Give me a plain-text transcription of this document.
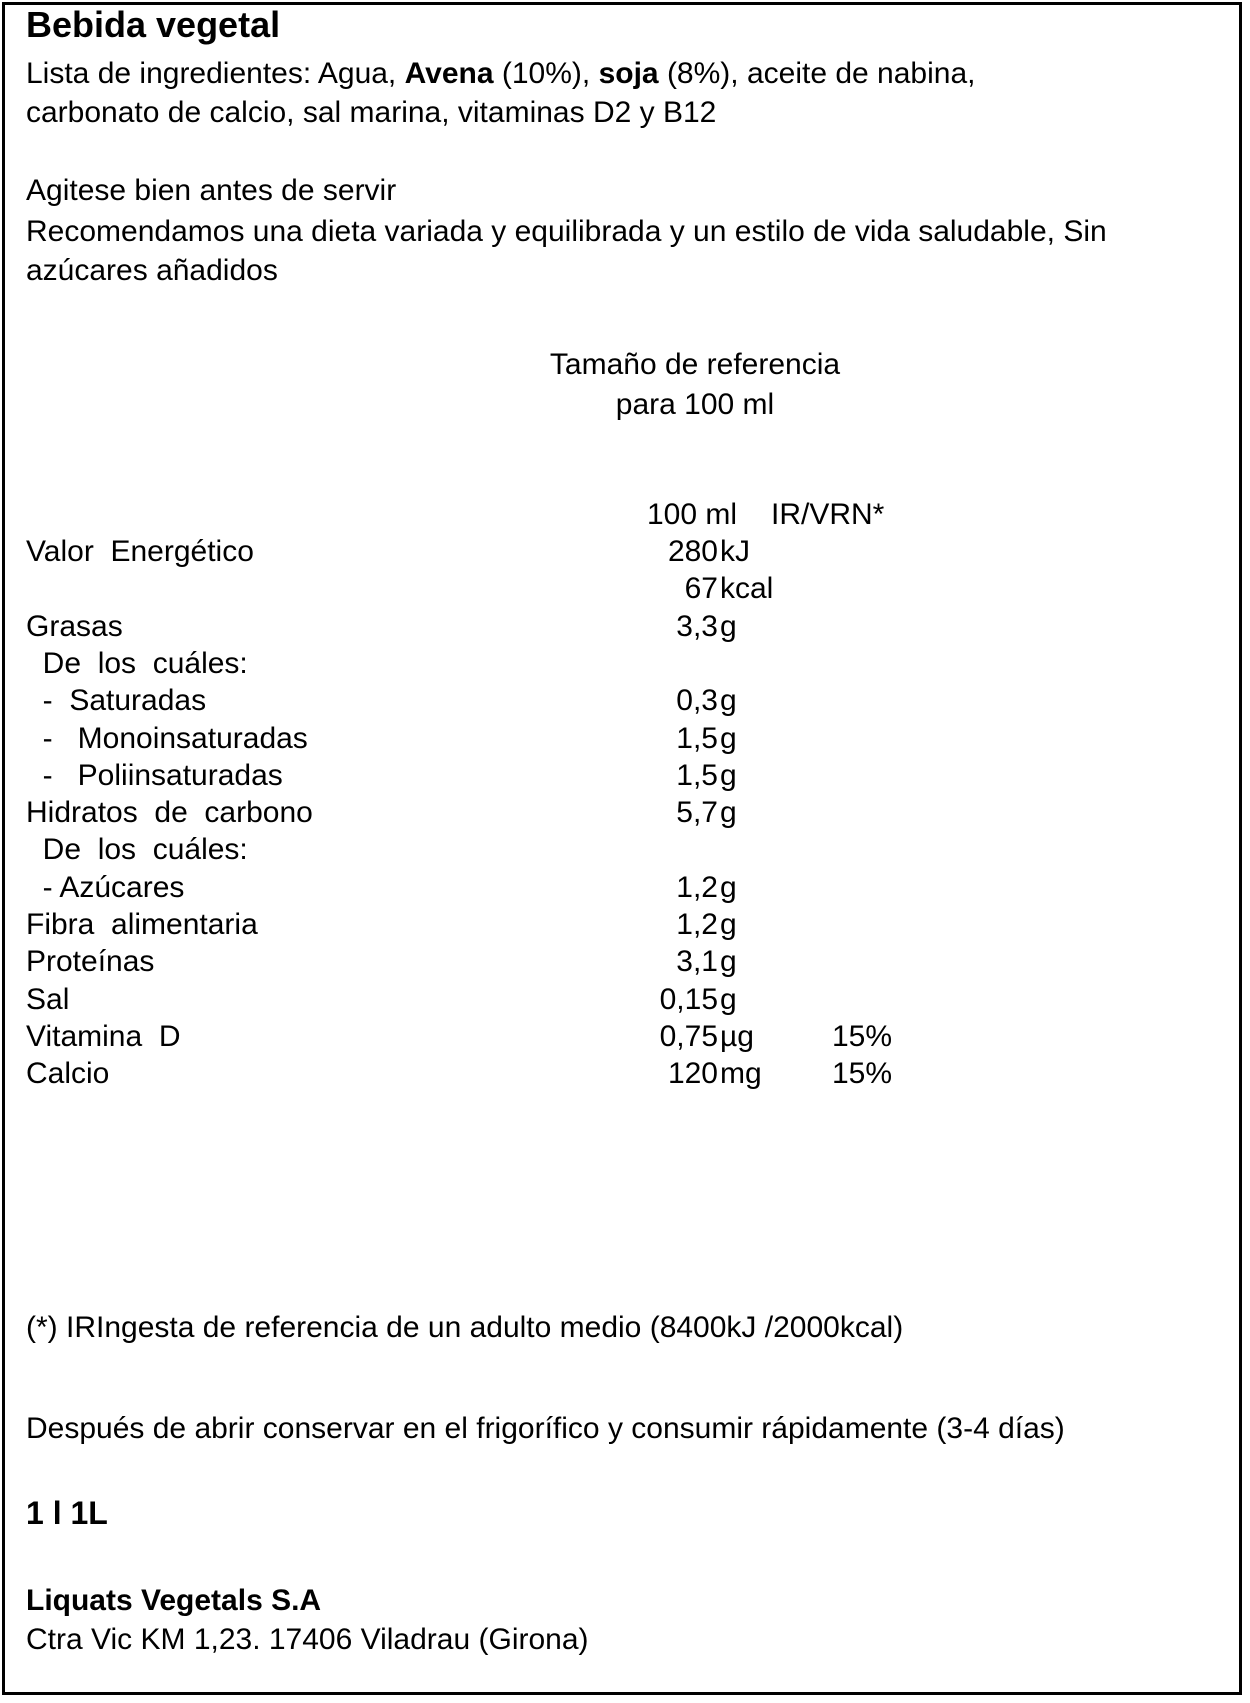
Bebida vegetal
Lista de ingredientes: Agua, Avena (10%), soja (8%), aceite de nabina,
carbonato de calcio, sal marina, vitaminas D2 y B12
Agitese bien antes de servir
Recomendamos una dieta variada y equilibrada y un estilo de vida saludable, Sin
azúcares añadidos
Tamaño de referencia
para 100 ml
100 ml IR/VRN*
Valor  Energético	280 kJ
67 kcal
Grasas	3,3 g
De  los  cuáles:
-  Saturadas	0,3 g
-   Monoinsaturadas	1,5 g
-   Poliinsaturadas	1,5 g
Hidratos  de  carbono	5,7 g
De  los  cuáles:
- Azúcares	1,2 g
Fibra  alimentaria	1,2 g
Proteínas	3,1 g
Sal	0,15 g
Vitamina  D	0,75 µg	15%
Calcio	120 mg 15%
(*) IRIngesta de referencia de un adulto medio (8400kJ /2000kcal)
Después de abrir conservar en el frigorífico y consumir rápidamente (3-4 días)
1 l 1L
Liquats Vegetals S.A
Ctra Vic KM 1,23. 17406 Viladrau (Girona)
